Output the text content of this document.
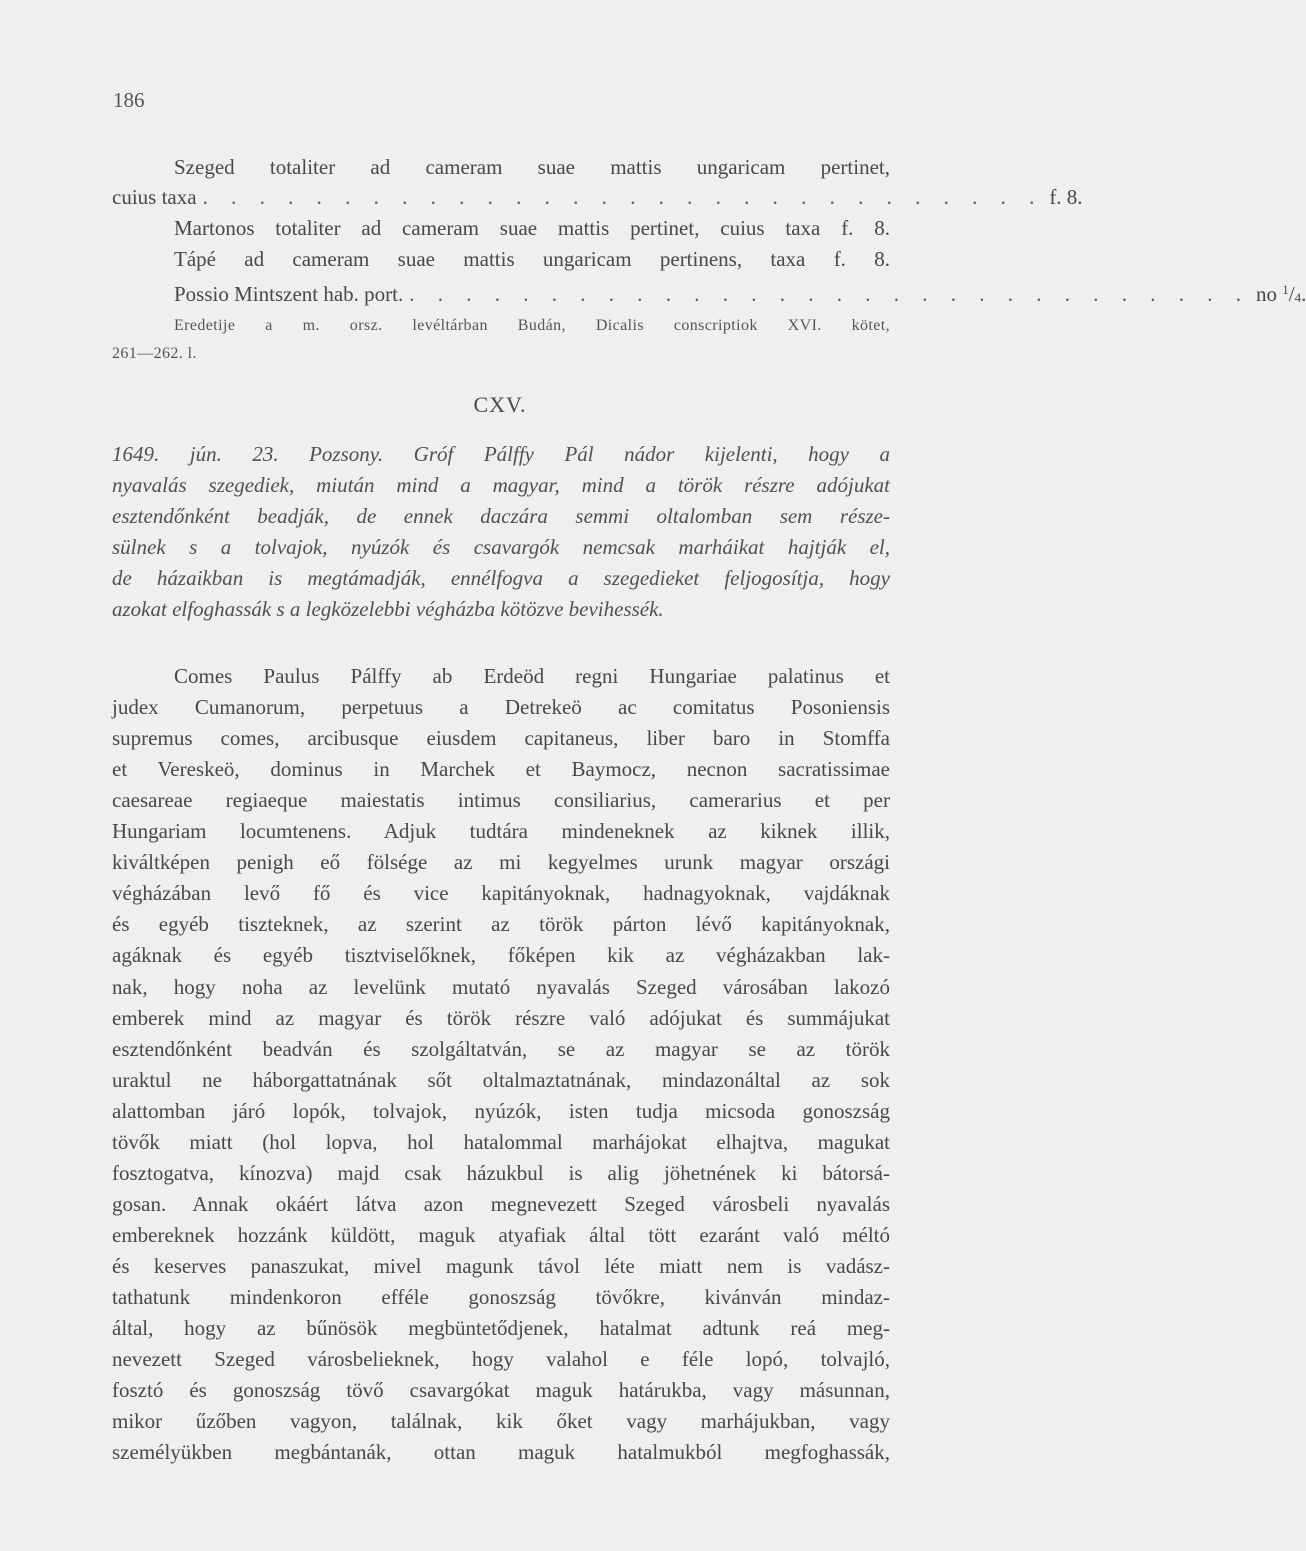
186
Szeged totaliter ad cameram suae mattis ungaricam pertinet,
cuius taxa . . . . . . . . . . . . . . . . . . . . . . . . . . . . . . f. 8.
Martonos totaliter ad cameram suae mattis pertinet, cuius taxa f. 8.
Tápé ad cameram suae mattis ungaricam pertinens, taxa f. 8.
Possio Mintszent hab. port. . . . . . . . . . . . . . . . . . . . . . . . . . . . . . . no $^1/_4$.
Eredetije a m. orsz. levéltárban Budán, Dicalis conscriptiok XVI. kötet,
261—262. l.
CXV.
1649. jún. 23. Pozsony. Gróf Pálffy Pál nádor kijelenti, hogy a
nyavalás szegediek, miután mind a magyar, mind a török részre adójukat
esztendőnként beadják, de ennek daczára semmi oltalomban sem része-
sülnek s a tolvajok, nyúzók és csavargók nemcsak marháikat hajtják el,
de házaikban is megtámadják, ennélfogva a szegedieket feljogosítja, hogy
azokat elfoghassák s a legközelebbi végházba kötözve bevihessék.
Comes Paulus Pálffy ab Erdeöd regni Hungariae palatinus et
judex Cumanorum, perpetuus a Detrekeö ac comitatus Posoniensis
supremus comes, arcibusque eiusdem capitaneus, liber baro in Stomffa
et Vereskeö, dominus in Marchek et Baymocz, necnon sacratissimae
caesareae regiaeque maiestatis intimus consiliarius, camerarius et per
Hungariam locumtenens. Adjuk tudtára mindeneknek az kiknek illik,
kiváltképen penigh eő fölsége az mi kegyelmes urunk magyar országi
végházában levő fő és vice kapitányoknak, hadnagyoknak, vajdáknak
és egyéb tiszteknek, az szerint az török párton lévő kapitányoknak,
agáknak és egyéb tisztviselőknek, főképen kik az végházakban lak-
nak, hogy noha az levelünk mutató nyavalás Szeged városában lakozó
emberek mind az magyar és török részre való adójukat és summájukat
esztendőnként beadván és szolgáltatván, se az magyar se az török
uraktul ne háborgattatnának sőt oltalmaztatnának, mindazonáltal az sok
alattomban járó lopók, tolvajok, nyúzók, isten tudja micsoda gonoszság
tövők miatt (hol lopva, hol hatalommal marhájokat elhajtva, magukat
fosztogatva, kínozva) majd csak házukbul is alig jöhetnének ki bátorsá-
gosan. Annak okáért látva azon megnevezett Szeged városbeli nyavalás
embereknek hozzánk küldött, maguk atyafiak által tött ezaránt való méltó
és keserves panaszukat, mivel magunk távol léte miatt nem is vadász-
tathatunk mindenkoron efféle gonoszság tövőkre, kivánván mindaz-
által, hogy az bűnösök megbüntetődjenek, hatalmat adtunk reá meg-
nevezett Szeged városbelieknek, hogy valahol e féle lopó, tolvajló,
fosztó és gonoszság tövő csavargókat maguk határukba, vagy másunnan,
mikor űzőben vagyon, találnak, kik őket vagy marhájukban, vagy
személyükben megbántanák, ottan maguk hatalmukból megfoghassák,
